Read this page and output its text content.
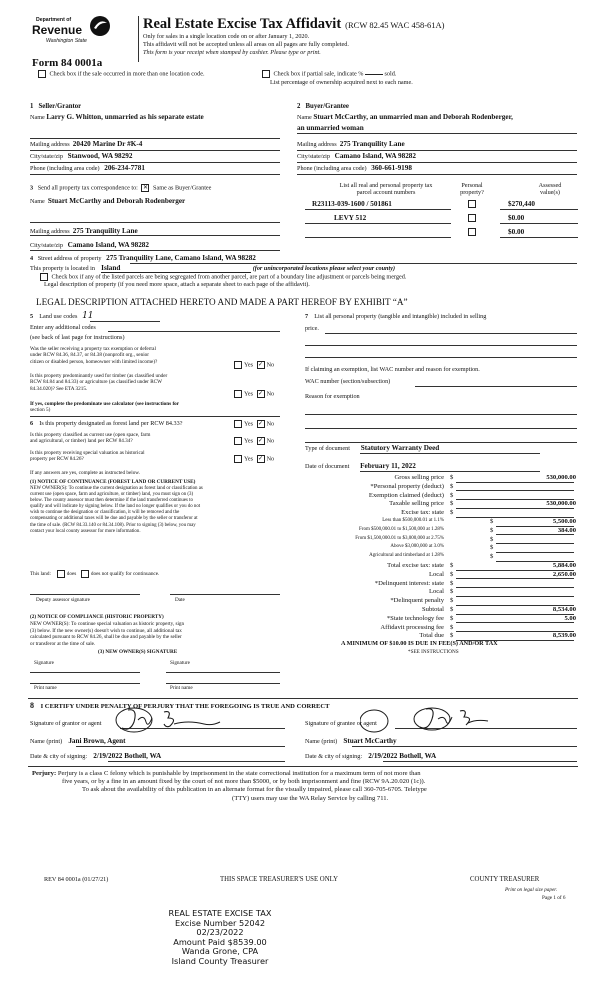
Department of
Revenue
Washington State
Form 84 0001a
Real Estate Excise Tax Affidavit (RCW 82.45 WAC 458-61A)
Only for sales in a single location code on or after January 1, 2020.
This affidavit will not be accepted unless all areas on all pages are fully completed.
This form is your receipt when stamped by cashier. Please type or print.
Check box if the sale occurred in more than one location code.	Check box if partial sale, indicate %	sold.
List percentage of ownership acquired next to each name.
1 Seller/Grantor
Name Larry G. Whitton, unmarried as his separate estate
Mailing address 20420 Marine Dr #K-4
City/state/zip Stanwood, WA 98292
Phone (including area code) 206-234-7781
2 Buyer/Grantee
Name Stuart McCarthy, an unmarried man and Deborah Rodenberger,
an unmarried woman
Mailing address 275 Tranquility Lane
City/state/zip Camano Island, WA 98282
Phone (including area code) 360-661-9198
3 Send all property tax correspondence to: ✕ Same as Buyer/Grantee
Name Stuart McCarthy and Deborah Rodenberger
Mailing address 275 Tranquility Lane
City/state/zip Camano Island, WA 98282
List all real and personal property tax
parcel account numbers
Personal
property?
Assessed
value(s)
R23113-039-1600 / 501861	$270,440
LEVY 512	$0.00
$0.00
4 Street address of property 275 Tranquility Lane, Camano Island, WA 98282
This property is located in Island	(for unincorporated locations please select your county)
Check box if any of the listed parcels are being segregated from another parcel, are part of a boundary line adjustment or parcels being merged.
Legal description of property (if you need more space, attach a separate sheet to each page of the affidavit).
LEGAL DESCRIPTION ATTACHED HERETO AND MADE A PART HEREOF BY EXHIBIT “A”
5 Land use codes 11
Enter any additional codes
(see back of last page for instructions)
Was the seller receiving a property tax exemption or deferral
under RCW 84.36, 84.37, or 84.38 (nonprofit org., senior
citizen or disabled person, homeowner with limited income)?	Yes ✓ No
Is this property predominantly used for timber (as classified under
RCW 84.84 and 84.33) or agriculture (as classified under RCW
84.34.020)? See ETA 3215.
Yes ✓ No
If yes, complete the predominate use calculator (see instructions for
section 5)
6 Is this property designated as forest land per RCW 84.33?	Yes ✓ No
Is this property classified as current use (open space, farm
and agricultural, or timber) land per RCW 84.34?	Yes ✓ No
Is this property receiving special valuation as historical
property per RCW 84.26?	Yes ✓ No
If any answers are yes, complete as instructed below.
(1) NOTICE OF CONTINUANCE (FOREST LAND OR CURRENT USE)
NEW OWNER(S): To continue the current designation as forest land or classification as
current use (open space, farm and agriculture, or timber) land, you must sign on (3)
below. The county assessor must then determine if the land transferred continues to
qualify and will indicate by signing below. If the land no longer qualifies or you do not
wish to continue the designation or classification, it will be removed and the
compensating or additional taxes will be due and payable by the seller or transferor at
the time of sale. (RCW 84.33.140 or 84.34.108). Prior to signing (3) below, you may
contact your local county assessor for more information.
This land:	does	does not qualify for continuance.
Deputy assessor signature	Date
(2) NOTICE OF COMPLIANCE (HISTORIC PROPERTY)
NEW OWNER(S): To continue special valuation as historic property, sign
(3) below. If the new owner(s) doesn't wish to continue, all additional tax
calculated pursuant to RCW 84.26, shall be due and payable by the seller
or transferor at the time of sale.
(3) NEW OWNER(S) SIGNATURE
Signature	Signature
Print name	Print name
7 List all personal property (tangible and intangible) included in selling
price.
If claiming an exemption, list WAC number and reason for exemption.
WAC number (section/subsection)
Reason for exemption
Type of document Statutory Warranty Deed
Date of document February 11, 2022
Gross selling price $	530,000.00
*Personal property (deduct) $
Exemption claimed (deduct) $
Taxable selling price $	530,000.00
Excise tax: state $
Less than $500,000.01 at 1.1%	$	5,500.00
From $500,000.01 to $1,500,000 at 1.28%	$	384.00
From $1,500,000.01 to $3,000,000 at 2.75%	$
Above $3,000,000 at 3.0%	$
Agricultural and timberland at 1.28%	$
Total excise tax: state $	5,884.00
Local $	2,650.00
*Delinquent interest: state $
Local $
*Delinquent penalty $
Subtotal $	8,534.00
*State technology fee $	5.00
Affidavit processing fee $
Total due $	8,539.00
A MINIMUM OF $10.00 IS DUE IN FEE(S) AND/OR TAX
*SEE INSTRUCTIONS
8 I CERTIFY UNDER PENALTY OF PERJURY THAT THE FOREGOING IS TRUE AND CORRECT
Signature of grantor or agent
Name (print) Jani Brown, Agent
Date & city of signing: 2/19/2022 Bothell, WA
Signature of grantee or agent
Name (print) Stuart McCarthy
Date & city of signing: 2/19/2022 Bothell, WA
Perjury: Perjury is a class C felony which is punishable by imprisonment in the state correctional institution for a maximum term of not more than
five years, or by a fine in an amount fixed by the court of not more than $5000, or by both imprisonment and fine (RCW 9A.20.020 (1c)).
To ask about the availability of this publication in an alternate format for the visually impaired, please call 360-705-6705. Teletype
(TTY) users may use the WA Relay Service by calling 711.
REV 84 0001a (01/27/21)	THIS SPACE TREASURER'S USE ONLY	COUNTY TREASURER
Print on legal size paper.
Page 1 of 6
REAL ESTATE EXCISE TAX
Excise Number 52042
02/23/2022
Amount Paid $8539.00
Wanda Grone, CPA
Island County Treasurer
